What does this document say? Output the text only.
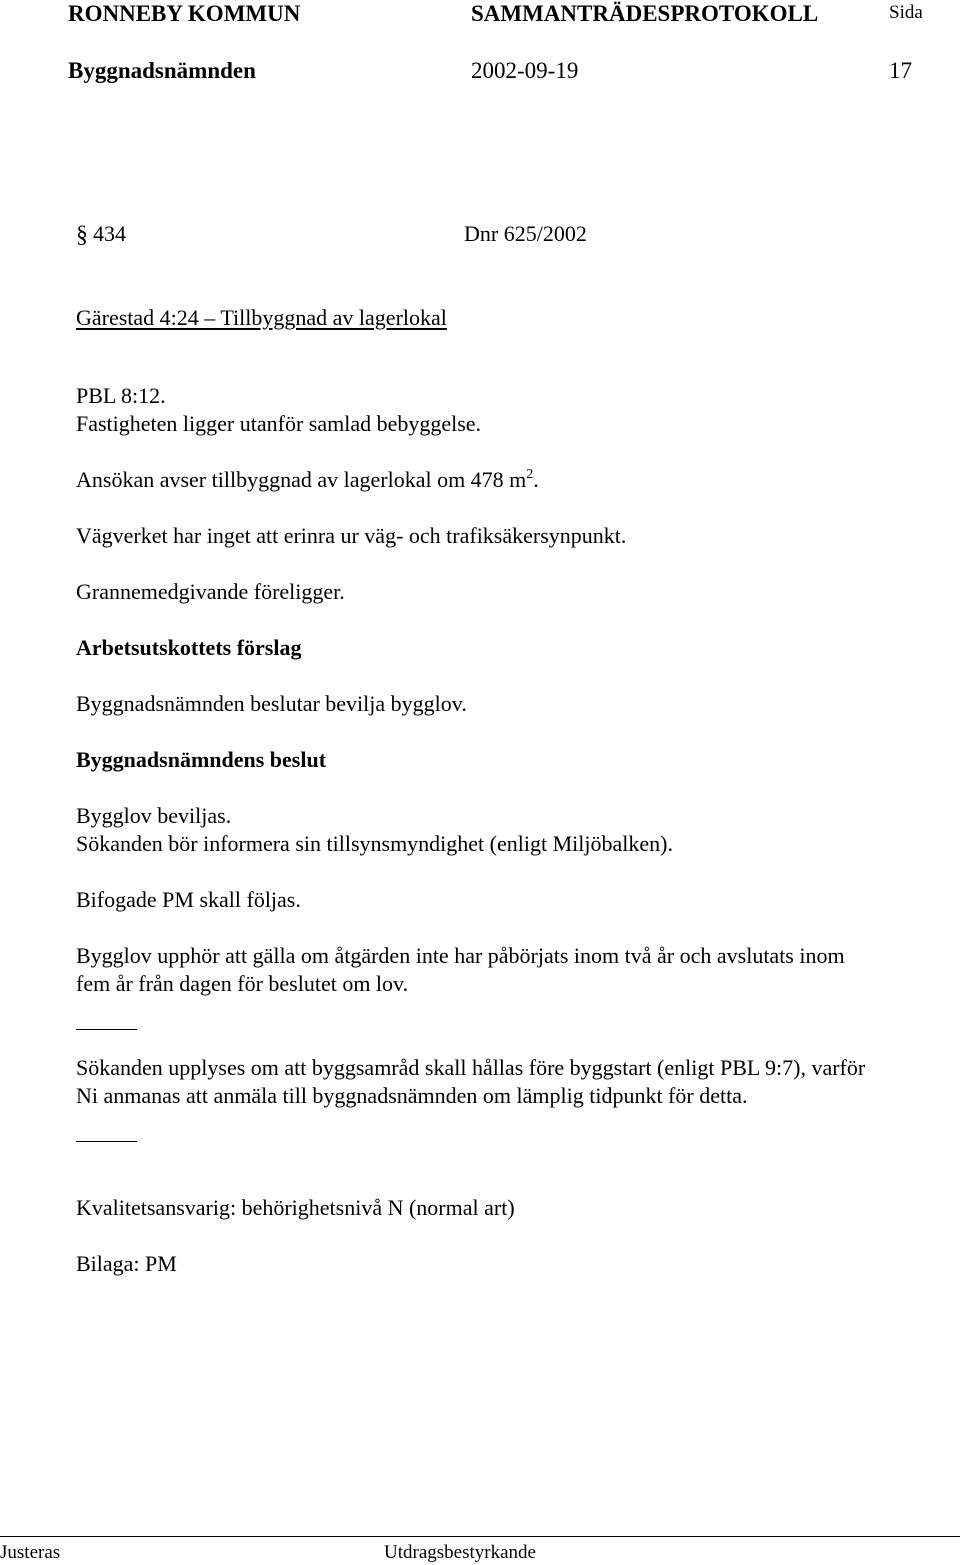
RONNEBY KOMMUN	SAMMANTRÄDESPROTOKOLL	Sida
Byggnadsnämnden	2002-09-19	17
§ 434	Dnr 625/2002
Gärestad 4:24 – Tillbyggnad av lagerlokal
PBL 8:12.
Fastigheten ligger utanför samlad bebyggelse.
Ansökan avser tillbyggnad av lagerlokal om 478 $m^2$.
Vägverket har inget att erinra ur väg- och trafiksäkersynpunkt.
Grannemedgivande föreligger.
Arbetsutskottets förslag
Byggnadsnämnden beslutar bevilja bygglov.
Byggnadsnämndens beslut
Bygglov beviljas.
Sökanden bör informera sin tillsynsmyndighet (enligt Miljöbalken).
Bifogade PM skall följas.
Bygglov upphör att gälla om åtgärden inte har påbörjats inom två år och avslutats inom
fem år från dagen för beslutet om lov.
Sökanden upplyses om att byggsamråd skall hållas före byggstart (enligt PBL 9:7), varför
Ni anmanas att anmäla till byggnadsnämnden om lämplig tidpunkt för detta.
Kvalitetsansvarig: behörighetsnivå N (normal art)
Bilaga: PM
Justeras	Utdragsbestyrkande
